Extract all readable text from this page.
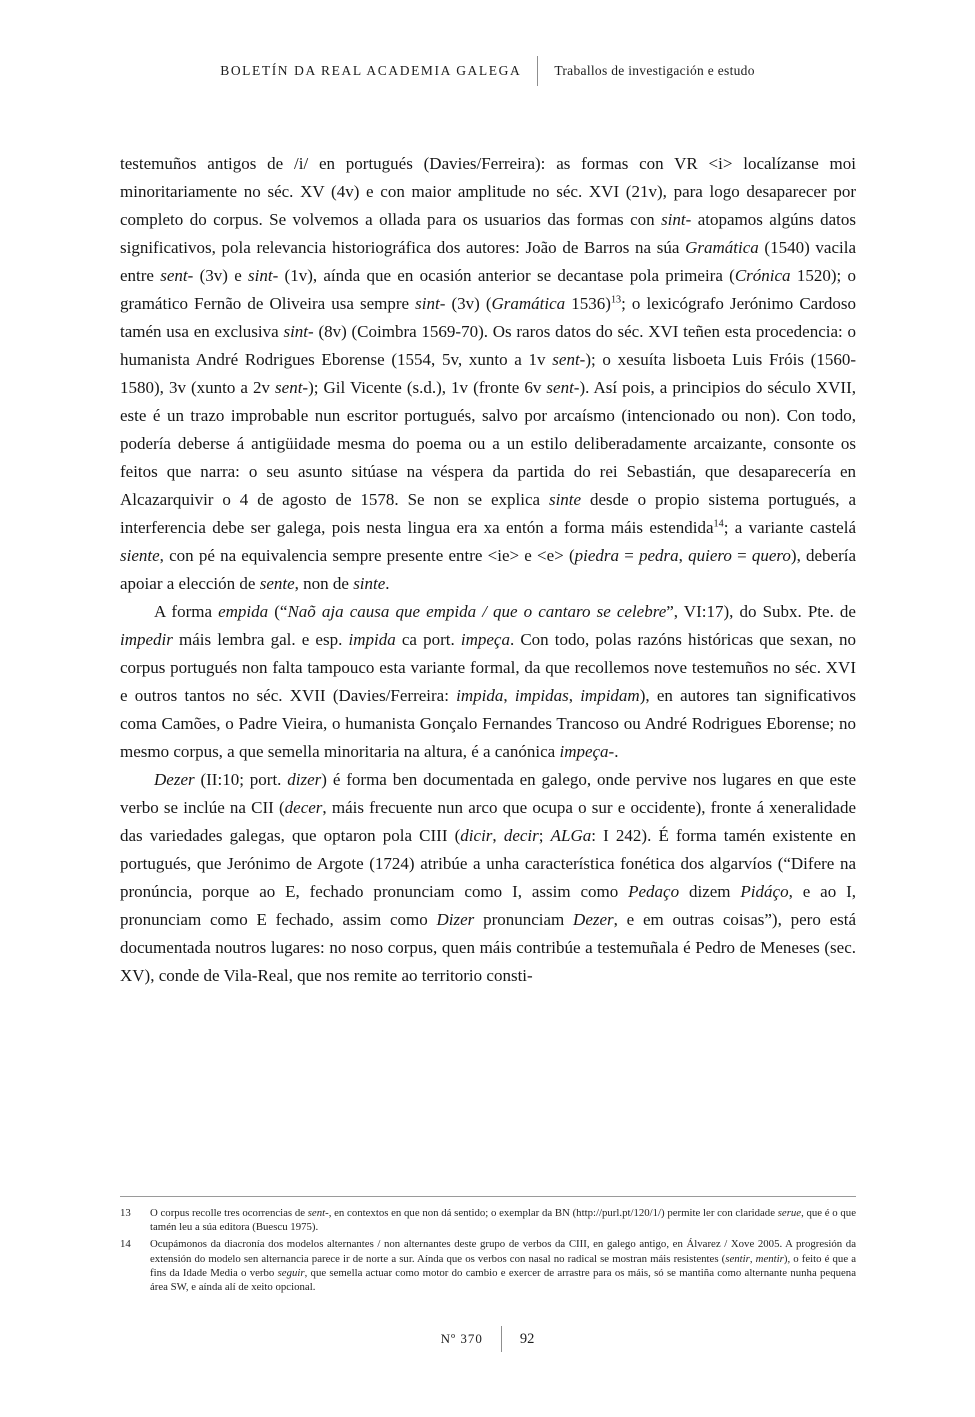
BOLETÍN DA REAL ACADEMIA GALEGA Traballos de investigación e estudo

testemuños antigos de /i/ en portugués (Davies/Ferreira): as formas con VR <i> localízanse moi minoritariamente no séc. XV (4v) e con maior amplitude no séc. XVI (21v), para logo desaparecer por completo do corpus. Se volvemos a ollada para os usuarios das formas con sint- atopamos algúns datos significativos, pola relevancia historiográfica dos autores: João de Barros na súa Gramática (1540) vacila entre sent- (3v) e sint- (1v), aínda que en ocasión anterior se decantase pola primeira (Crónica 1520); o gramático Fernão de Oliveira usa sempre sint- (3v) (Gramática 1536)$^{13}$; o lexicógrafo Jerónimo Cardoso tamén usa en exclusiva sint- (8v) (Coimbra 1569-70). Os raros datos do séc. XVI teñen esta procedencia: o humanista André Rodrigues Eborense (1554, 5v, xunto a 1v sent-); o xesuíta lisboeta Luis Fróis (1560-1580), 3v (xunto a 2v sent-); Gil Vicente (s.d.), 1v (fronte 6v sent-). Así pois, a principios do século XVII, este é un trazo improbable nun escritor portugués, salvo por arcaísmo (intencionado ou non). Con todo, podería deberse á antigüidade mesma do poema ou a un estilo deliberadamente arcaizante, consonte os feitos que narra: o seu asunto sitúase na véspera da partida do rei Sebastián, que desaparecería en Alcazarquivir o 4 de agosto de 1578. Se non se explica sinte desde o propio sistema portugués, a interferencia debe ser galega, pois nesta lingua era xa entón a forma máis estendida$^{14}$; a variante castelá siente, con pé na equivalencia sempre presente entre <ie> e <e> (piedra = pedra, quiero = quero), debería apoiar a elección de sente, non de sinte.

A forma empida (“Naõ aja causa que empida / que o cantaro se celebre”, VI:17), do Subx. Pte. de impedir máis lembra gal. e esp. impida ca port. impeça. Con todo, polas razóns históricas que sexan, no corpus portugués non falta tampouco esta variante formal, da que recollemos nove testemuños no séc. XVI e outros tantos no séc. XVII (Davies/Ferreira: impida, impidas, impidam), en autores tan significativos coma Camões, o Padre Vieira, o humanista Gonçalo Fernandes Trancoso ou André Rodrigues Eborense; no mesmo corpus, a que semella minoritaria na altura, é a canónica impeça-.

Dezer (II:10; port. dizer) é forma ben documentada en galego, onde pervive nos lugares en que este verbo se inclúe na CII (decer, máis frecuente nun arco que ocupa o sur e occidente), fronte á xeneralidade das variedades galegas, que optaron pola CIII (dicir, decir; ALGa: I 242). É forma tamén existente en portugués, que Jerónimo de Argote (1724) atribúe a unha característica fonética dos algarvíos (“Difere na pronúncia, porque ao E, fechado pronunciam como I, assim como Pedaço dizem Pidáço, e ao I, pronunciam como E fechado, assim como Dizer pronunciam Dezer, e em outras coisas”), pero está documentada noutros lugares: no noso corpus, quen máis contribúe a testemuñala é Pedro de Meneses (sec. XV), conde de Vila-Real, que nos remite ao territorio consti-

13	O corpus recolle tres ocorrencias de sent-, en contextos en que non dá sentido; o exemplar da BN (http://purl.pt/120/1/) permite ler con claridade serue, que é o que tamén leu a súa editora (Buescu 1975).
14	Ocupámonos da diacronía dos modelos alternantes / non alternantes deste grupo de verbos da CIII, en galego antigo, en Álvarez / Xove 2005. A progresión da extensión do modelo sen alternancia parece ir de norte a sur. Aínda que os verbos con nasal no radical se mostran máis resistentes (sentir, mentir), o feito é que a fins da Idade Media o verbo seguir, que semella actuar como motor do cambio e exercer de arrastre para os máis, só se mantiña como alternante nunha pequena área SW, e aínda alí de xeito opcional.
Nº 370	92
